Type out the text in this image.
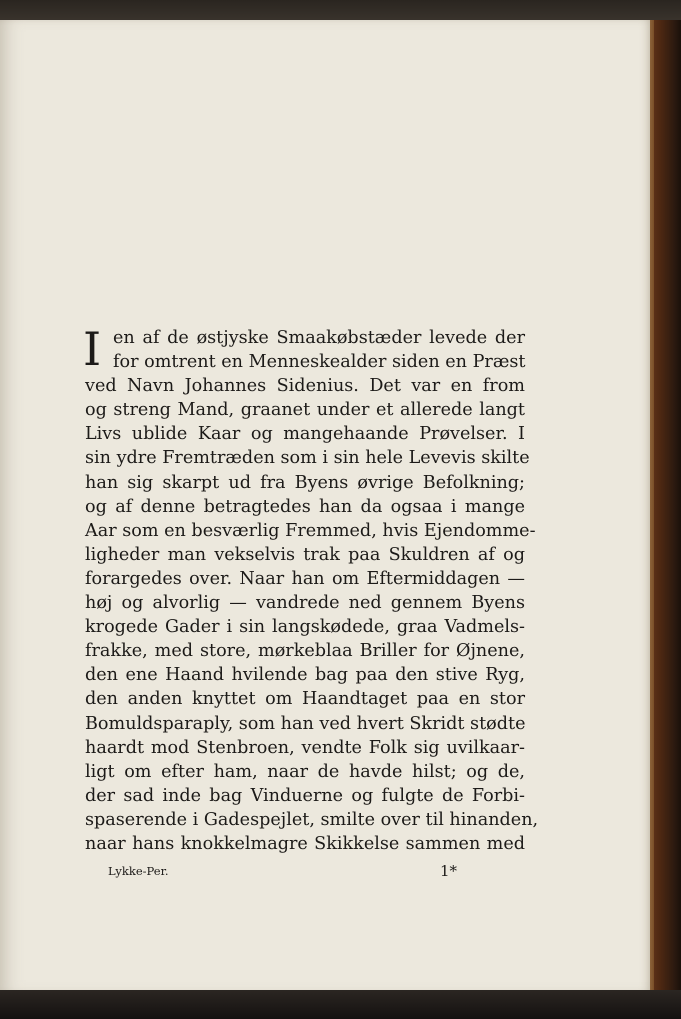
I en af de østjyske Smaakøbstæder levede der
for omtrent en Menneskealder siden en Præst
ved Navn Johannes Sidenius. Det var en from
og streng Mand, graanet under et allerede langt
Livs ublide Kaar og mangehaande Prøvelser. I
sin ydre Fremtræden som i sin hele Levevis skilte
han sig skarpt ud fra Byens øvrige Befolkning;
og af denne betragtedes han da ogsaa i mange
Aar som en besværlig Fremmed, hvis Ejendomme-
ligheder man vekselvis trak paa Skuldren af og
forargedes over. Naar han om Eftermiddagen —
høj og alvorlig — vandrede ned gennem Byens
krogede Gader i sin langskødede, graa Vadmels-
frakke, med store, mørkeblaa Briller for Øjnene,
den ene Haand hvilende bag paa den stive Ryg,
den anden knyttet om Haandtaget paa en stor
Bomuldsparaply, som han ved hvert Skridt stødte
haardt mod Stenbroen, vendte Folk sig uvilkaar-
ligt om efter ham, naar de havde hilst; og de,
der sad inde bag Vinduerne og fulgte de Forbi-
spaserende i Gadespejlet, smilte over til hinanden,
naar hans knokkelmagre Skikkelse sammen med
Lykke-Per.	1*
